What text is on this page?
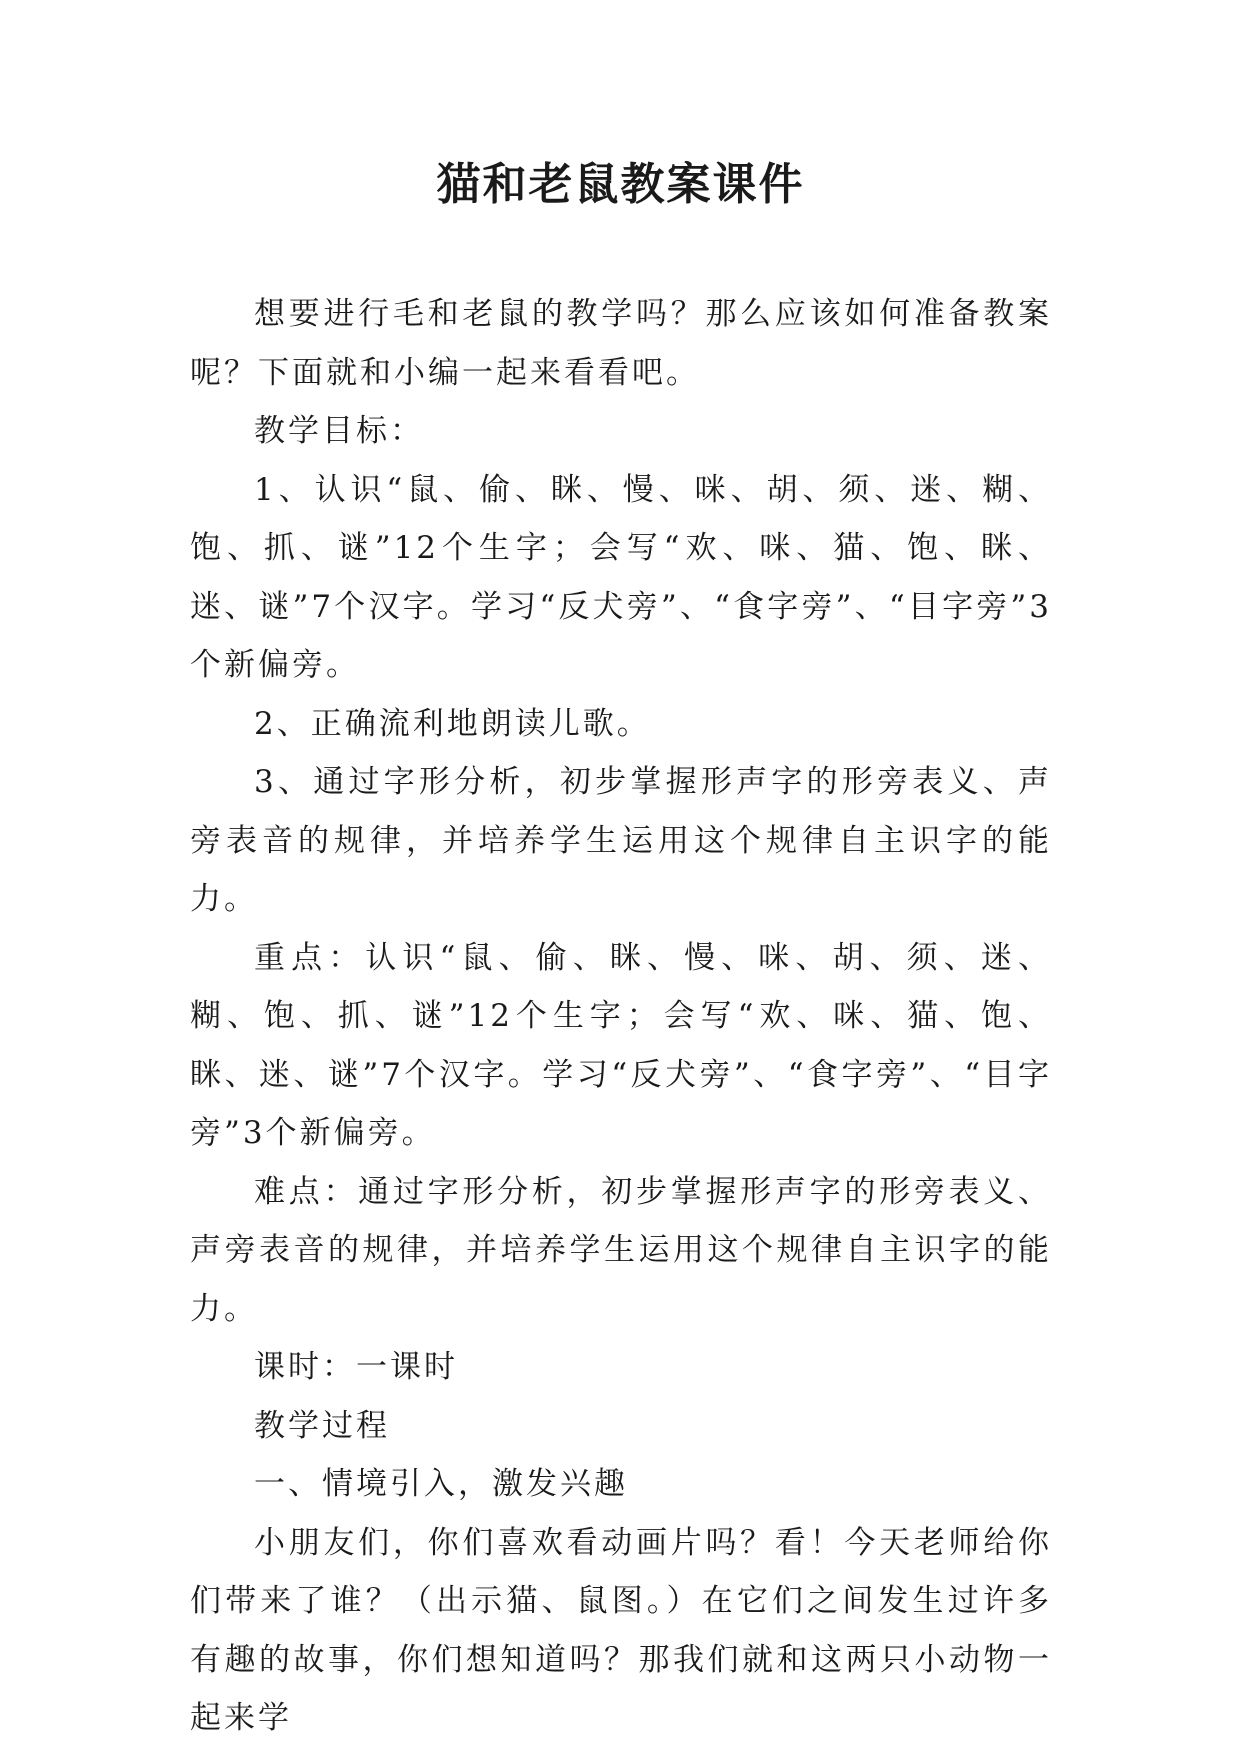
猫和老鼠教案课件

想要进行毛和老鼠的教学吗？那么应该如何准备教案呢？下面就和小编一起来看看吧。

教学目标：

1、认识“鼠、偷、眯、慢、咪、胡、须、迷、糊、饱、抓、谜”12个生字；会写“欢、咪、猫、饱、眯、迷、谜”7个汉字。学习“反犬旁”、“食字旁”、“目字旁”3个新偏旁。

2、正确流利地朗读儿歌。

3、通过字形分析，初步掌握形声字的形旁表义、声旁表音的规律，并培养学生运用这个规律自主识字的能力。

重点：认识“鼠、偷、眯、慢、咪、胡、须、迷、糊、饱、抓、谜”12个生字；会写“欢、咪、猫、饱、眯、迷、谜”7个汉字。学习“反犬旁”、“食字旁”、“目字旁”3个新偏旁。

难点：通过字形分析，初步掌握形声字的形旁表义、声旁表音的规律，并培养学生运用这个规律自主识字的能力。

课时：一课时

教学过程

一、情境引入，激发兴趣

小朋友们，你们喜欢看动画片吗？看！今天老师给你们带来了谁？（出示猫、鼠图。）在它们之间发生过许多有趣的故事，你们想知道吗？那我们就和这两只小动物一起来学
